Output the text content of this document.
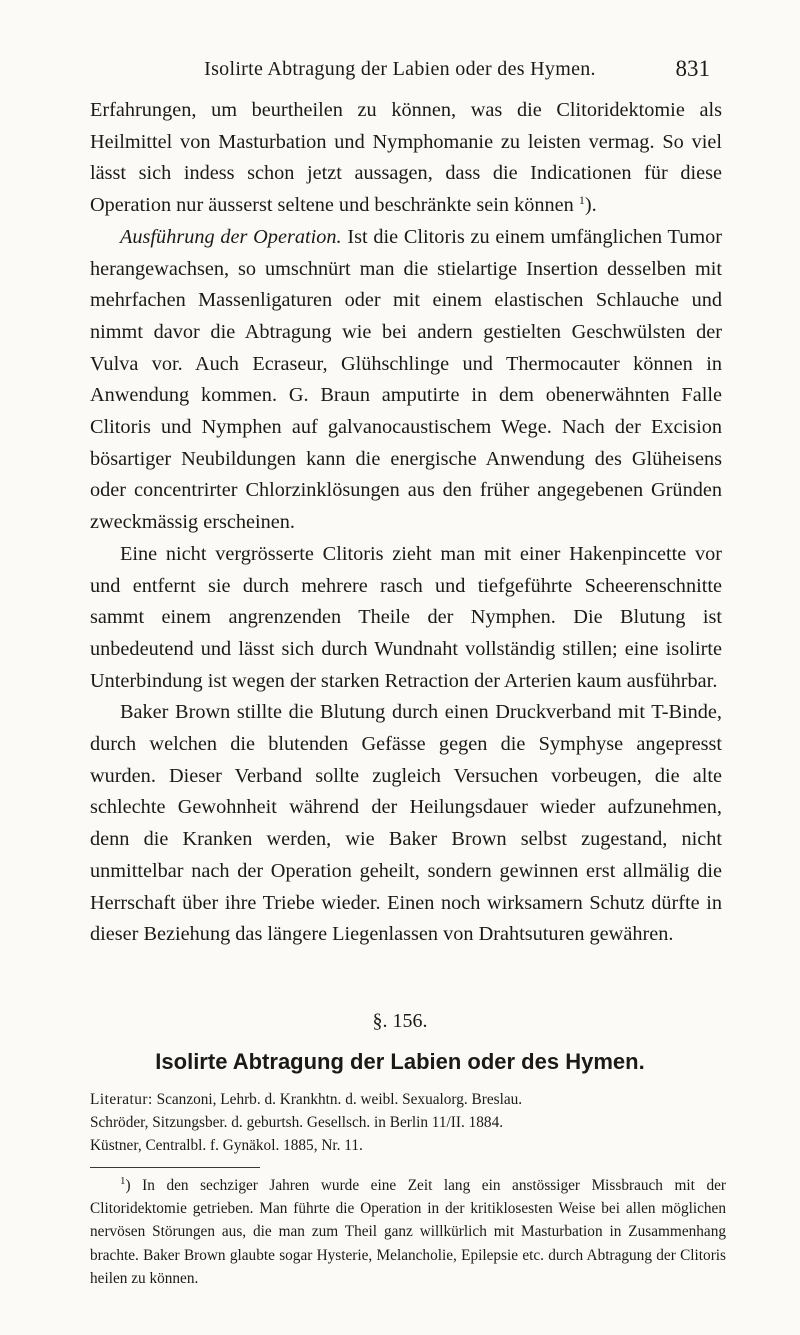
Isolirte Abtragung der Labien oder des Hymen.	831

Erfahrungen, um beurtheilen zu können, was die Clitoridektomie als Heilmittel von Masturbation und Nymphomanie zu leisten vermag. So viel lässt sich indess schon jetzt aussagen, dass die Indicationen für diese Operation nur äusserst seltene und beschränkte sein können $^1$).

Ausführung der Operation. Ist die Clitoris zu einem umfänglichen Tumor herangewachsen, so umschnürt man die stielartige Insertion desselben mit mehrfachen Massenligaturen oder mit einem elastischen Schlauche und nimmt davor die Abtragung wie bei andern gestielten Geschwülsten der Vulva vor. Auch Ecraseur, Glühschlinge und Thermocauter können in Anwendung kommen. G. Braun amputirte in dem obenerwähnten Falle Clitoris und Nymphen auf galvanocaustischem Wege. Nach der Excision bösartiger Neubildungen kann die energische Anwendung des Glüheisens oder concentrirter Chlorzinklösungen aus den früher angegebenen Gründen zweckmässig erscheinen.

Eine nicht vergrösserte Clitoris zieht man mit einer Hakenpincette vor und entfernt sie durch mehrere rasch und tiefgeführte Scheerenschnitte sammt einem angrenzenden Theile der Nymphen. Die Blutung ist unbedeutend und lässt sich durch Wundnaht vollständig stillen; eine isolirte Unterbindung ist wegen der starken Retraction der Arterien kaum ausführbar.

Baker Brown stillte die Blutung durch einen Druckverband mit T-Binde, durch welchen die blutenden Gefässe gegen die Symphyse angepresst wurden. Dieser Verband sollte zugleich Versuchen vorbeugen, die alte schlechte Gewohnheit während der Heilungsdauer wieder aufzunehmen, denn die Kranken werden, wie Baker Brown selbst zugestand, nicht unmittelbar nach der Operation geheilt, sondern gewinnen erst allmälig die Herrschaft über ihre Triebe wieder. Einen noch wirksamern Schutz dürfte in dieser Beziehung das längere Liegenlassen von Drahtsuturen gewähren.

§. 156.
Isolirte Abtragung der Labien oder des Hymen.
Literatur: Scanzoni, Lehrb. d. Krankhtn. d. weibl. Sexualorg. Breslau.
Schröder, Sitzungsber. d. geburtsh. Gesellsch. in Berlin 11/II. 1884.
Küstner, Centralbl. f. Gynäkol. 1885, Nr. 11.
$^1$) In den sechziger Jahren wurde eine Zeit lang ein anstössiger Missbrauch mit der Clitoridektomie getrieben. Man führte die Operation in der kritiklosesten Weise bei allen möglichen nervösen Störungen aus, die man zum Theil ganz willkürlich mit Masturbation in Zusammenhang brachte. Baker Brown glaubte sogar Hysterie, Melancholie, Epilepsie etc. durch Abtragung der Clitoris heilen zu können.
